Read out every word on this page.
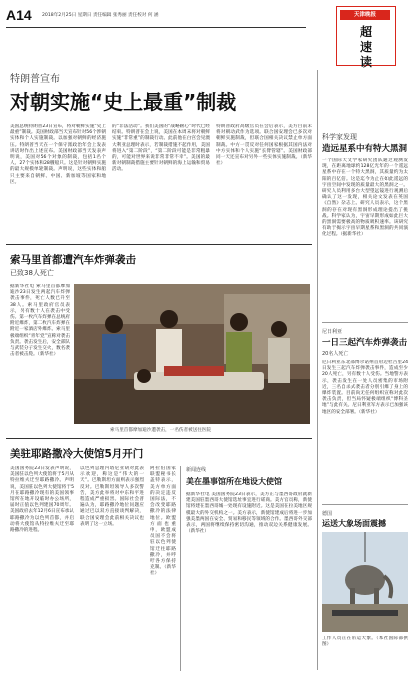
A14 2018年2月25日 星期日 责任编辑 张秀丽 责任校对 何 涵	天津晚报
超速读
特朗普宣布
对朝实施“史上最重”制裁
美国总统特朗普23日宣布，将对朝鲜实施“史上最重”制裁。美国财政部当天宣布针对56个涉朝实体和个人实施制裁。以加强对朝鲜的经济施压。特朗普当天在一个保守派政治年会上发表讲话时作出上述宣布。美国财政部当天发表声明说，美国对56个对象的制裁，包括1名个人、27个实体和28艘船只。这是针对朝鲜实施的最大规模单轮制裁。声明说，这些实体和船只主要来自朝鲜、中国、新加坡等国家和地区。
的“非法活动”。我们美国的“战略耐心”时代已经结束。特朗普在会上说，美国在本周末将对朝鲜实施“非常重”的制裁行动。此前他在白宫会见澳大利亚总理时表示，若制裁措施不起作用，美国将进入“第二阶段”，“第二阶段可能是非常粗暴的，可能对世界来说非常非常不幸”。美国的最新对朝制裁措施主要针对朝鲜的海上运输和贸易活动。
特朗普政府高级官员在会后表示，美方目前未将对朝动武作为选项。联合国安理会已多次对朝鲜实施制裁，但联合国相关决议禁止单方面制裁。中方一贯反对任何国家根据其国内法对中方实体和个人实施“长臂管辖”。美国财政部同一天还宣布对另外一些实体实施制裁。（新华社）
索马里首都遭汽车炸弹袭击
已致38人死亡
据新华社电 索马里首都摩加迪沙23日发生两起汽车炸弹袭击事件，死亡人数已升至38人。索马里政府官员表示，另有数十人在袭击中受伤。第一枚汽车炸弹在总统府附近爆炸，第二枚汽车炸弹在附近一家酒店外爆炸。索马里极端组织“青年党”宣称对袭击负责。袭击发生后，安全部队与武装分子发生交火，数名袭击者被击毙。（新华社）
索马里首都摩加迪沙遭袭击，一名伤者被送往医院
美驻耶路撒冷大使馆5月开门
美国国务院23日发表声明说，美国驻以色列大使馆将于5月从特拉维夫迁至耶路撒冷。声明说，美国驻以色列大使馆将于5月在耶路撒冷现有的美国领事馆所在地开设临时办公场所，届时正值以色列建国70周年。美国政府去年12月6日宣布承认耶路撒冷为以色列首都，并启动将大使馆从特拉维夫迁至耶路撒冷的进程。
以色列总理内塔尼亚胡对此表示欢迎，称这是“伟大的一天”。巴勒斯坦方面则表示强烈反对。巴勒斯坦领导人多次警告，美方此举将对中东和平进程造成严重损害。国际社会普遍认为，耶路撒冷地位问题应通过巴以双方直接谈判解决，联合国安理会此前相关决议也表明了这一立场。
阿拉伯国家联盟秘书长盖特表示，美方单方面的决定违反国际法，不会改变耶路撒冷的法律地位。欧盟方面也重申，欧盟成员国不会将驻以色列使馆迁往耶路撒冷，并呼吁各方保持克制。（新华社）
新闻连线
美在墨事馆所在地设大使馆
据新华社电 美国国务院23日表示，美方正与墨西哥政府就新建美国驻墨西哥大使馆选址事宜进行磋商。美方官员称，新使馆将建在墨西哥城一处现有设施附近。这是美国在拉美地区规模最大的外交机构之一。美方表示，新使馆建成后将进一步加强美墨两国在安全、贸易和移民等领域的合作。墨西哥外交部表示，两国将继续保持密切沟通，推动双边关系健康发展。（新华社）
科学家发现
造远星系中有特大黑洞
一个国际天文学家研究团队通过观测发现，在距离地球约128亿光年的一个遥远星系中存在一个特大黑洞，其质量约为太阳的百亿倍。这是迄今为止在如此遥远的宇宙空间中发现的质量最大的黑洞之一。研究人员利用多台大型望远镜进行观测后确认了这一发现，相关论文发表在英国《自然》杂志上。研究人员表示，这个黑洞的存在对现有黑洞形成理论提出了挑战。科学家认为，宇宙早期形成如此巨大的黑洞需要极高的物质吸积速率。该研究有助于揭示宇宙早期星系和黑洞的共同演化过程。（据新华社）
尼日利亚
一日三起汽车炸弹袭击
20名人死亡
尼日利亚东北部博尔诺州首府迈杜古里24日发生三起汽车炸弹袭击事件，造成至少20人死亡，另有数十人受伤。当地警方表示，袭击发生在一处人员密集的市场附近，三名自杀式袭击者分别引爆了身上的爆炸装置。目前尚无任何组织宣称对此次袭击负责，但当局怀疑极端组织“博科圣地”与此有关。尼日利亚军方表示已加强该地区的安全部署。（新华社）
德国
运送大象场面震撼
工作人员正在吊运大象。（本社国际部供图）
